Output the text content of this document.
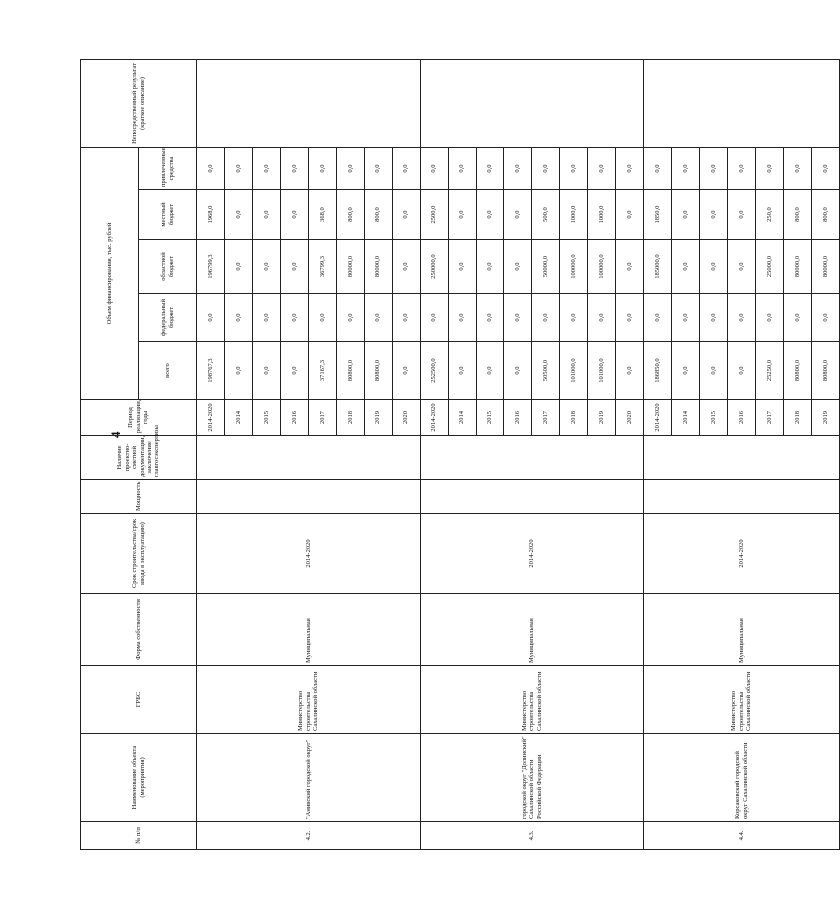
4
№ п/п	Наименование объекта (мероприятия)	ГРБС	Форма собственности	Срок строительства/срок ввода в эксплуатацию)	Мощность	Наличие проектно-сметной документации, заключение главгосэкспертизы	Период реализации, годы	Объем финансирования, тыс. рублей					Непосредственный результат (краткое описание)
								всего	федеральный бюджет	областной бюджет	местный бюджет	привлеченные средства	
4.2.	"Анивский городской округ"	Министерство строительства Сахалинской области	Муниципальная	2014-2020			2014-2020	198767,3	0,0	196799,3	1968,0	0,0	
							2014	0,0	0,0	0,0	0,0	0,0	
							2015	0,0	0,0	0,0	0,0	0,0	
							2016	0,0	0,0	0,0	0,0	0,0	
							2017	37167,3	0,0	36799,3	368,0	0,0	
							2018	80800,0	0,0	80000,0	800,0	0,0	
							2019	80800,0	0,0	80000,0	800,0	0,0	
							2020	0,0	0,0	0,0	0,0	0,0	
4.3.	городской округ "Долинский" Сахалинской области Российской Федерации	Министерство строительства Сахалинской области	Муниципальная	2014-2020			2014-2020	252500,0	0,0	250000,0	2500,0	0,0	
							2014	0,0	0,0	0,0	0,0	0,0	
							2015	0,0	0,0	0,0	0,0	0,0	
							2016	0,0	0,0	0,0	0,0	0,0	
							2017	50500,0	0,0	50000,0	500,0	0,0	
							2018	101000,0	0,0	100000,0	1000,0	0,0	
							2019	101000,0	0,0	100000,0	1000,0	0,0	
							2020	0,0	0,0	0,0	0,0	0,0	
4.4.	Корсаковский городской округ Сахалинской области	Министерство строительства Сахалинской области	Муниципальная	2014-2020			2014-2020	186850,0	0,0	185000,0	1850,0	0,0	
							2014	0,0	0,0	0,0	0,0	0,0	
							2015	0,0	0,0	0,0	0,0	0,0	
							2016	0,0	0,0	0,0	0,0	0,0	
							2017	25250,0	0,0	25000,0	250,0	0,0	
							2018	80800,0	0,0	80000,0	800,0	0,0	
							2019	80800,0	0,0	80000,0	800,0	0,0	
